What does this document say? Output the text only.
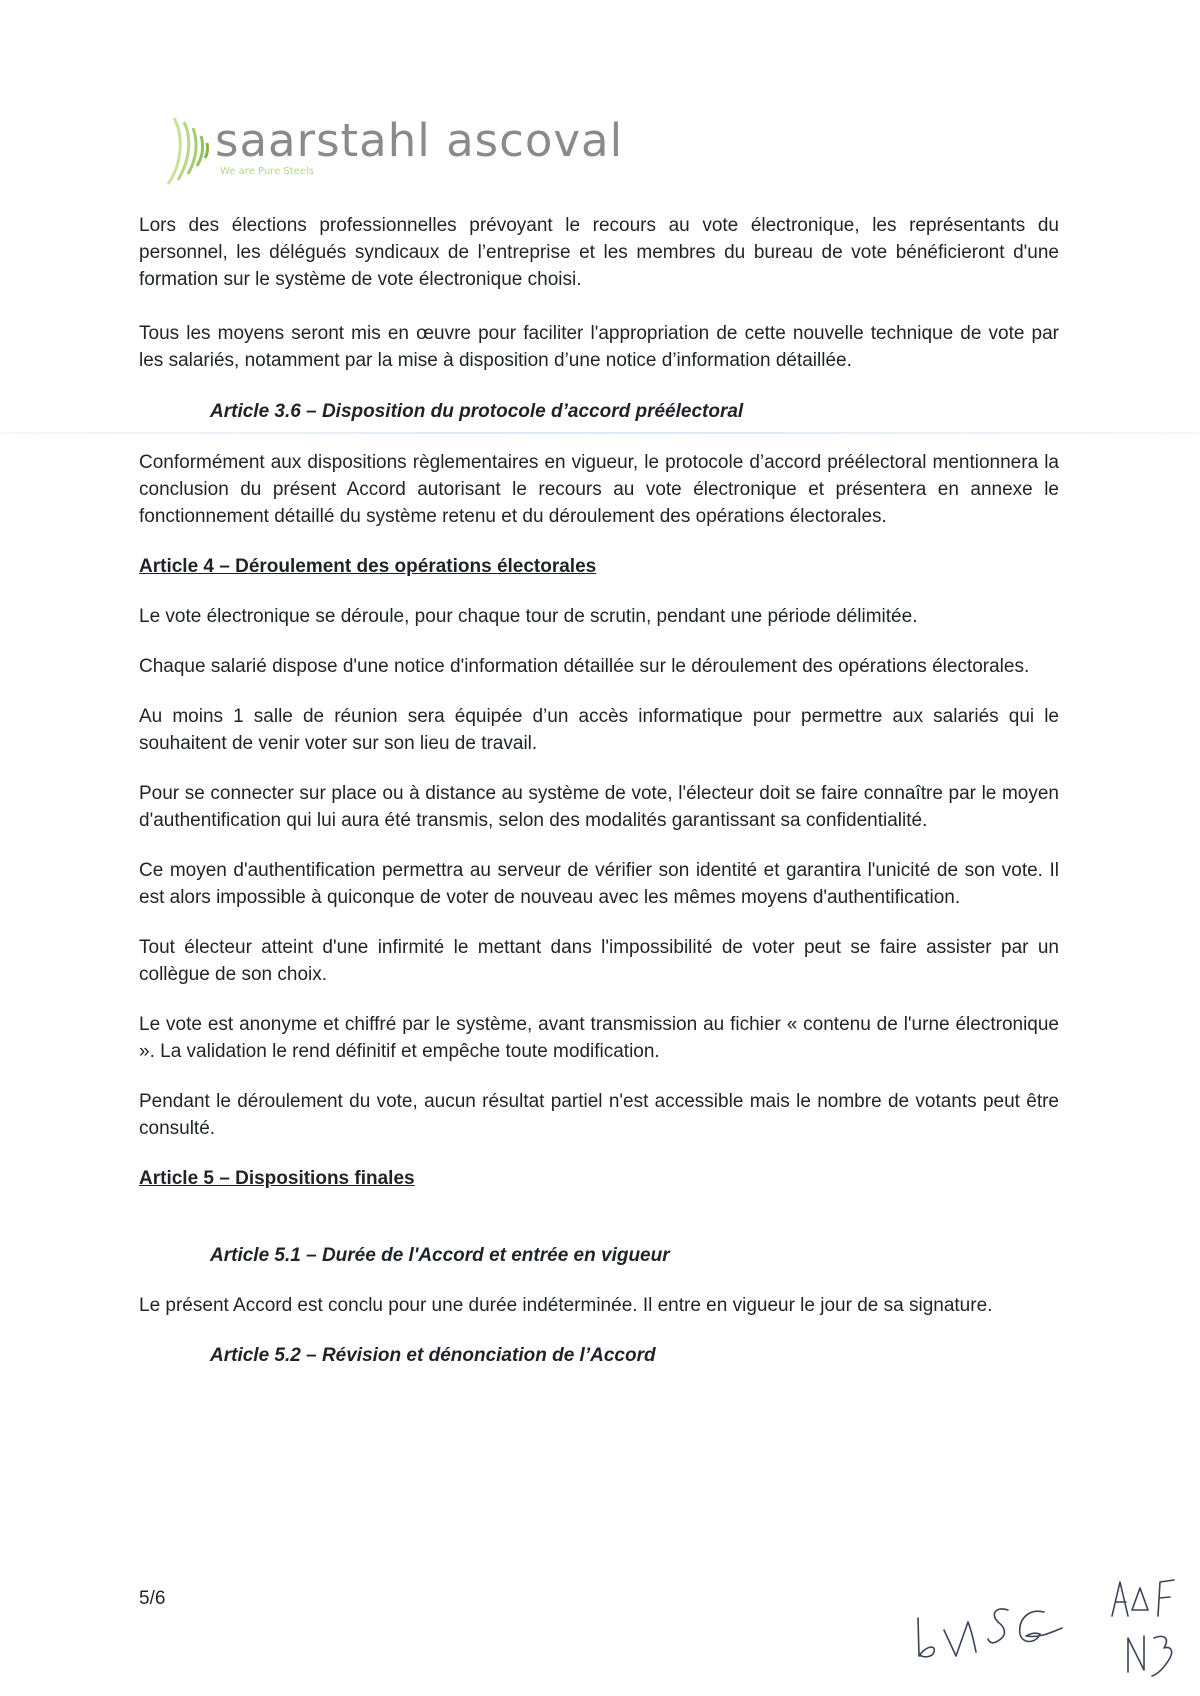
saarstahl ascoval
We are Pure Steels

Lors des élections professionnelles prévoyant le recours au vote électronique, les représentants du personnel, les délégués syndicaux de l’entreprise et les membres du bureau de vote bénéficieront d'une formation sur le système de vote électronique choisi.

Tous les moyens seront mis en œuvre pour faciliter l'appropriation de cette nouvelle technique de vote par les salariés, notamment par la mise à disposition d’une notice d’information détaillée.

Article 3.6 – Disposition du protocole d’accord préélectoral

Conformément aux dispositions règlementaires en vigueur, le protocole d’accord préélectoral mentionnera la conclusion du présent Accord autorisant le recours au vote électronique et présentera en annexe le fonctionnement détaillé du système retenu et du déroulement des opérations électorales.

Article 4 – Déroulement des opérations électorales

Le vote électronique se déroule, pour chaque tour de scrutin, pendant une période délimitée.

Chaque salarié dispose d'une notice d'information détaillée sur le déroulement des opérations électorales.

Au moins 1 salle de réunion sera équipée d’un accès informatique pour permettre aux salariés qui le souhaitent de venir voter sur son lieu de travail.

Pour se connecter sur place ou à distance au système de vote, l'électeur doit se faire connaître par le moyen d'authentification qui lui aura été transmis, selon des modalités garantissant sa confidentialité.

Ce moyen d'authentification permettra au serveur de vérifier son identité et garantira l'unicité de son vote. Il est alors impossible à quiconque de voter de nouveau avec les mêmes moyens d'authentification.

Tout électeur atteint d'une infirmité le mettant dans l'impossibilité de voter peut se faire assister par un collègue de son choix.

Le vote est anonyme et chiffré par le système, avant transmission au fichier « contenu de l'urne électronique ». La validation le rend définitif et empêche toute modification.

Pendant le déroulement du vote, aucun résultat partiel n'est accessible mais le nombre de votants peut être consulté.

Article 5 – Dispositions finales

Article 5.1 – Durée de l'Accord et entrée en vigueur

Le présent Accord est conclu pour une durée indéterminée. Il entre en vigueur le jour de sa signature.

Article 5.2 – Révision et dénonciation de l’Accord

5/6
